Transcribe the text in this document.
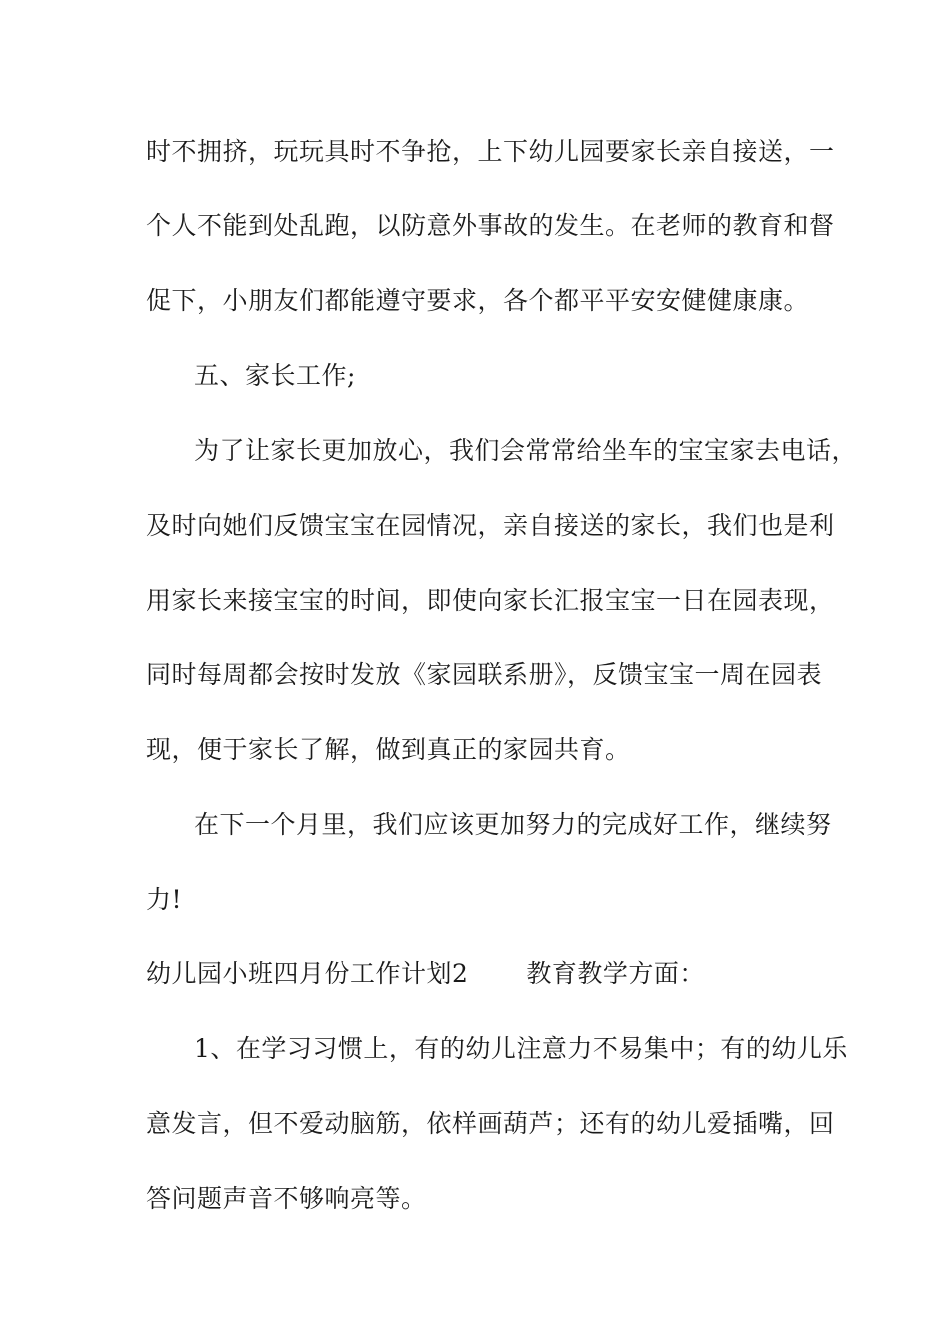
时不拥挤，玩玩具时不争抢，上下幼儿园要家长亲自接送，一
个人不能到处乱跑，以防意外事故的发生。在老师的教育和督
促下，小朋友们都能遵守要求，各个都平平安安健健康康。
五、家长工作;
为了让家长更加放心，我们会常常给坐车的宝宝家去电话，
及时向她们反馈宝宝在园情况，亲自接送的家长，我们也是利
用家长来接宝宝的时间，即使向家长汇报宝宝一日在园表现，
同时每周都会按时发放《家园联系册》，反馈宝宝一周在园表
现，便于家长了解，做到真正的家园共育。
在下一个月里，我们应该更加努力的完成好工作，继续努
力!
幼儿园小班四月份工作计划2 教育教学方面：
1、在学习习惯上，有的幼儿注意力不易集中；有的幼儿乐
意发言，但不爱动脑筋，依样画葫芦；还有的幼儿爱插嘴，回
答问题声音不够响亮等。
